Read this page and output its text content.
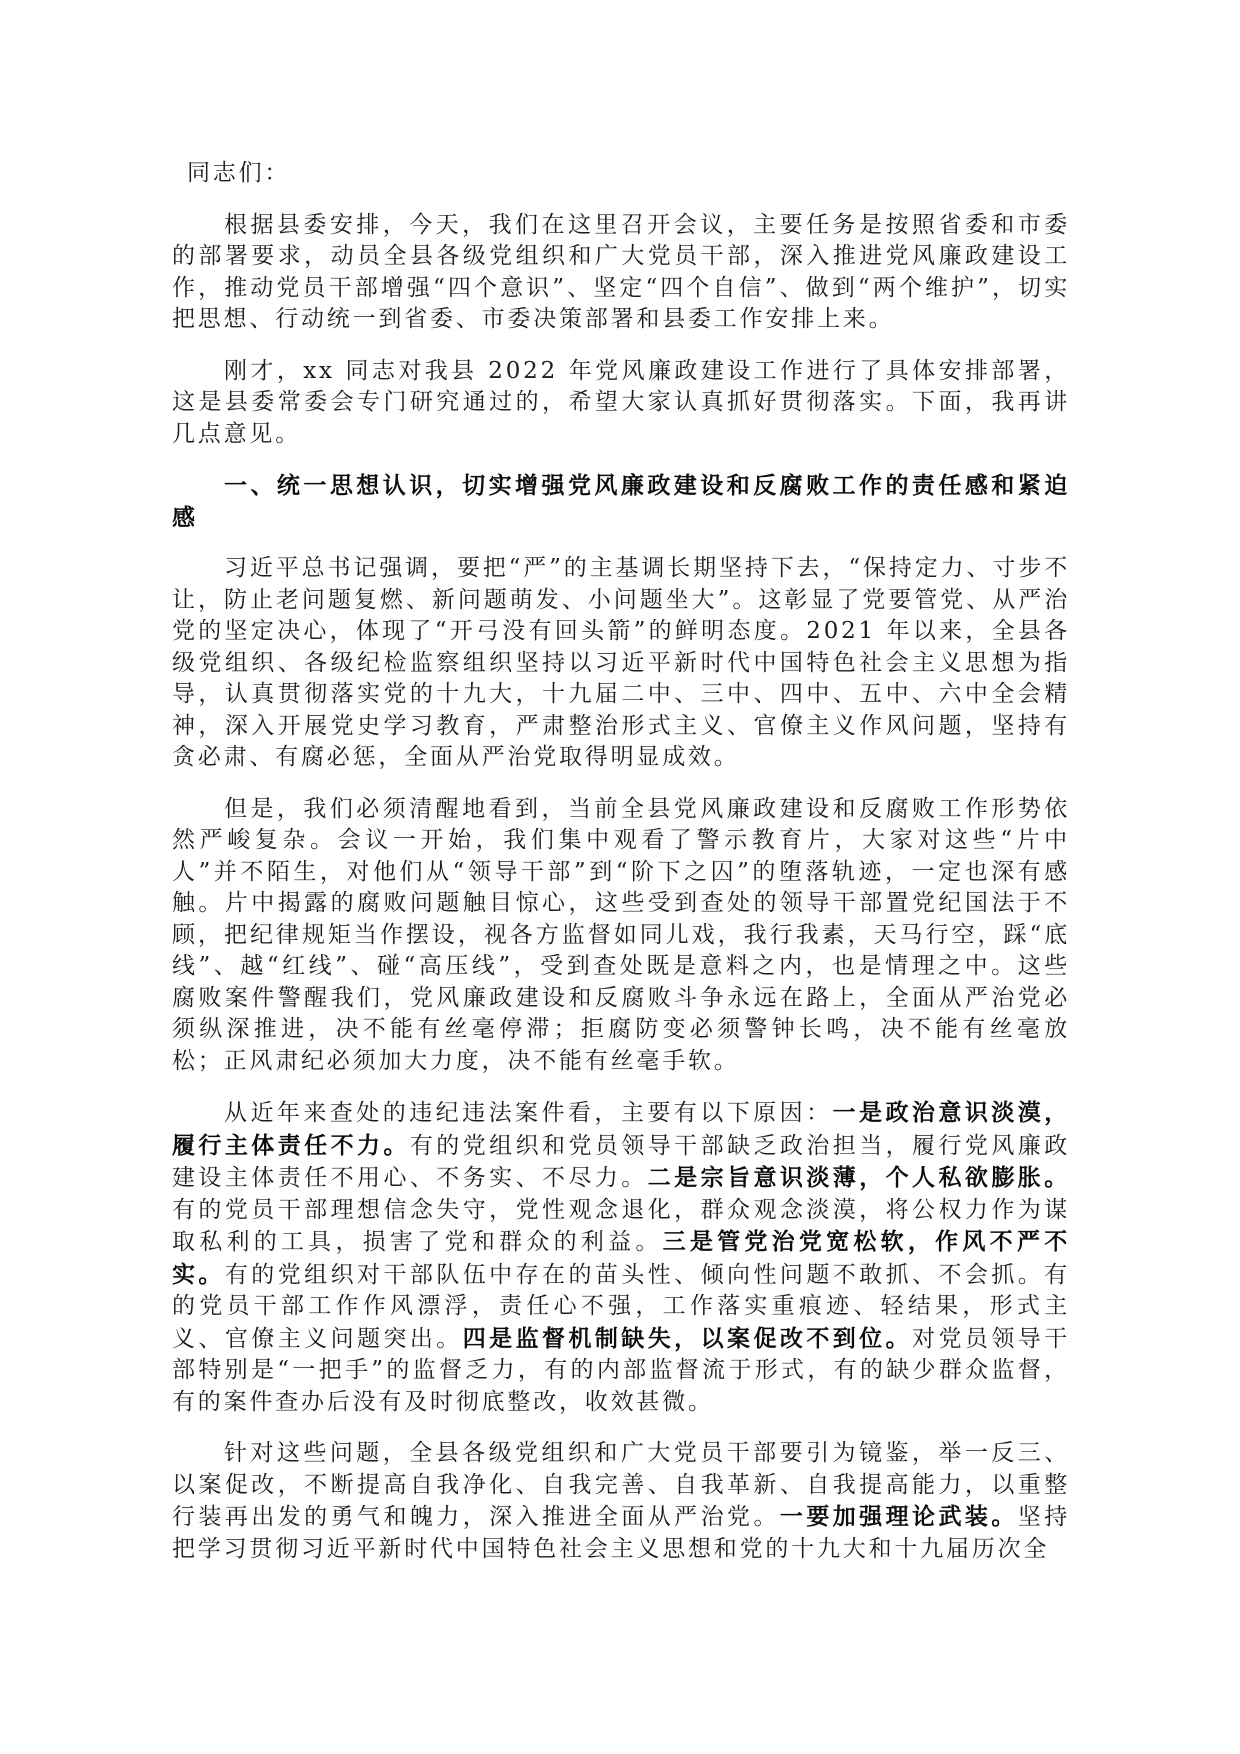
同志们：

根据县委安排，今天，我们在这里召开会议，主要任务是按照省委和市委的部署要求，动员全县各级党组织和广大党员干部，深入推进党风廉政建设工作，推动党员干部增强“四个意识”、坚定“四个自信”、做到“两个维护”，切实把思想、行动统一到省委、市委决策部署和县委工作安排上来。

刚才，xx 同志对我县 2022 年党风廉政建设工作进行了具体安排部署，这是县委常委会专门研究通过的，希望大家认真抓好贯彻落实。下面，我再讲几点意见。

一、统一思想认识，切实增强党风廉政建设和反腐败工作的责任感和紧迫感

习近平总书记强调，要把“严”的主基调长期坚持下去，“保持定力、寸步不让，防止老问题复燃、新问题萌发、小问题坐大”。这彰显了党要管党、从严治党的坚定决心，体现了“开弓没有回头箭”的鲜明态度。2021 年以来，全县各级党组织、各级纪检监察组织坚持以习近平新时代中国特色社会主义思想为指导，认真贯彻落实党的十九大，十九届二中、三中、四中、五中、六中全会精神，深入开展党史学习教育，严肃整治形式主义、官僚主义作风问题，坚持有贪必肃、有腐必惩，全面从严治党取得明显成效。

但是，我们必须清醒地看到，当前全县党风廉政建设和反腐败工作形势依然严峻复杂。会议一开始，我们集中观看了警示教育片，大家对这些“片中人”并不陌生，对他们从“领导干部”到“阶下之囚”的堕落轨迹，一定也深有感触。片中揭露的腐败问题触目惊心，这些受到查处的领导干部置党纪国法于不顾，把纪律规矩当作摆设，视各方监督如同儿戏，我行我素，天马行空，踩“底线”、越“红线”、碰“高压线”，受到查处既是意料之内，也是情理之中。这些腐败案件警醒我们，党风廉政建设和反腐败斗争永远在路上，全面从严治党必须纵深推进，决不能有丝毫停滞；拒腐防变必须警钟长鸣，决不能有丝毫放松；正风肃纪必须加大力度，决不能有丝毫手软。

从近年来查处的违纪违法案件看，主要有以下原因：一是政治意识淡漠，履行主体责任不力。有的党组织和党员领导干部缺乏政治担当，履行党风廉政建设主体责任不用心、不务实、不尽力。二是宗旨意识淡薄，个人私欲膨胀。有的党员干部理想信念失守，党性观念退化，群众观念淡漠，将公权力作为谋取私利的工具，损害了党和群众的利益。三是管党治党宽松软，作风不严不实。有的党组织对干部队伍中存在的苗头性、倾向性问题不敢抓、不会抓。有的党员干部工作作风漂浮，责任心不强，工作落实重痕迹、轻结果，形式主义、官僚主义问题突出。四是监督机制缺失，以案促改不到位。对党员领导干部特别是“一把手”的监督乏力，有的内部监督流于形式，有的缺少群众监督，有的案件查办后没有及时彻底整改，收效甚微。

针对这些问题，全县各级党组织和广大党员干部要引为镜鉴，举一反三、以案促改，不断提高自我净化、自我完善、自我革新、自我提高能力，以重整行装再出发的勇气和魄力，深入推进全面从严治党。一要加强理论武装。坚持把学习贯彻习近平新时代中国特色社会主义思想和党的十九大和十九届历次全
